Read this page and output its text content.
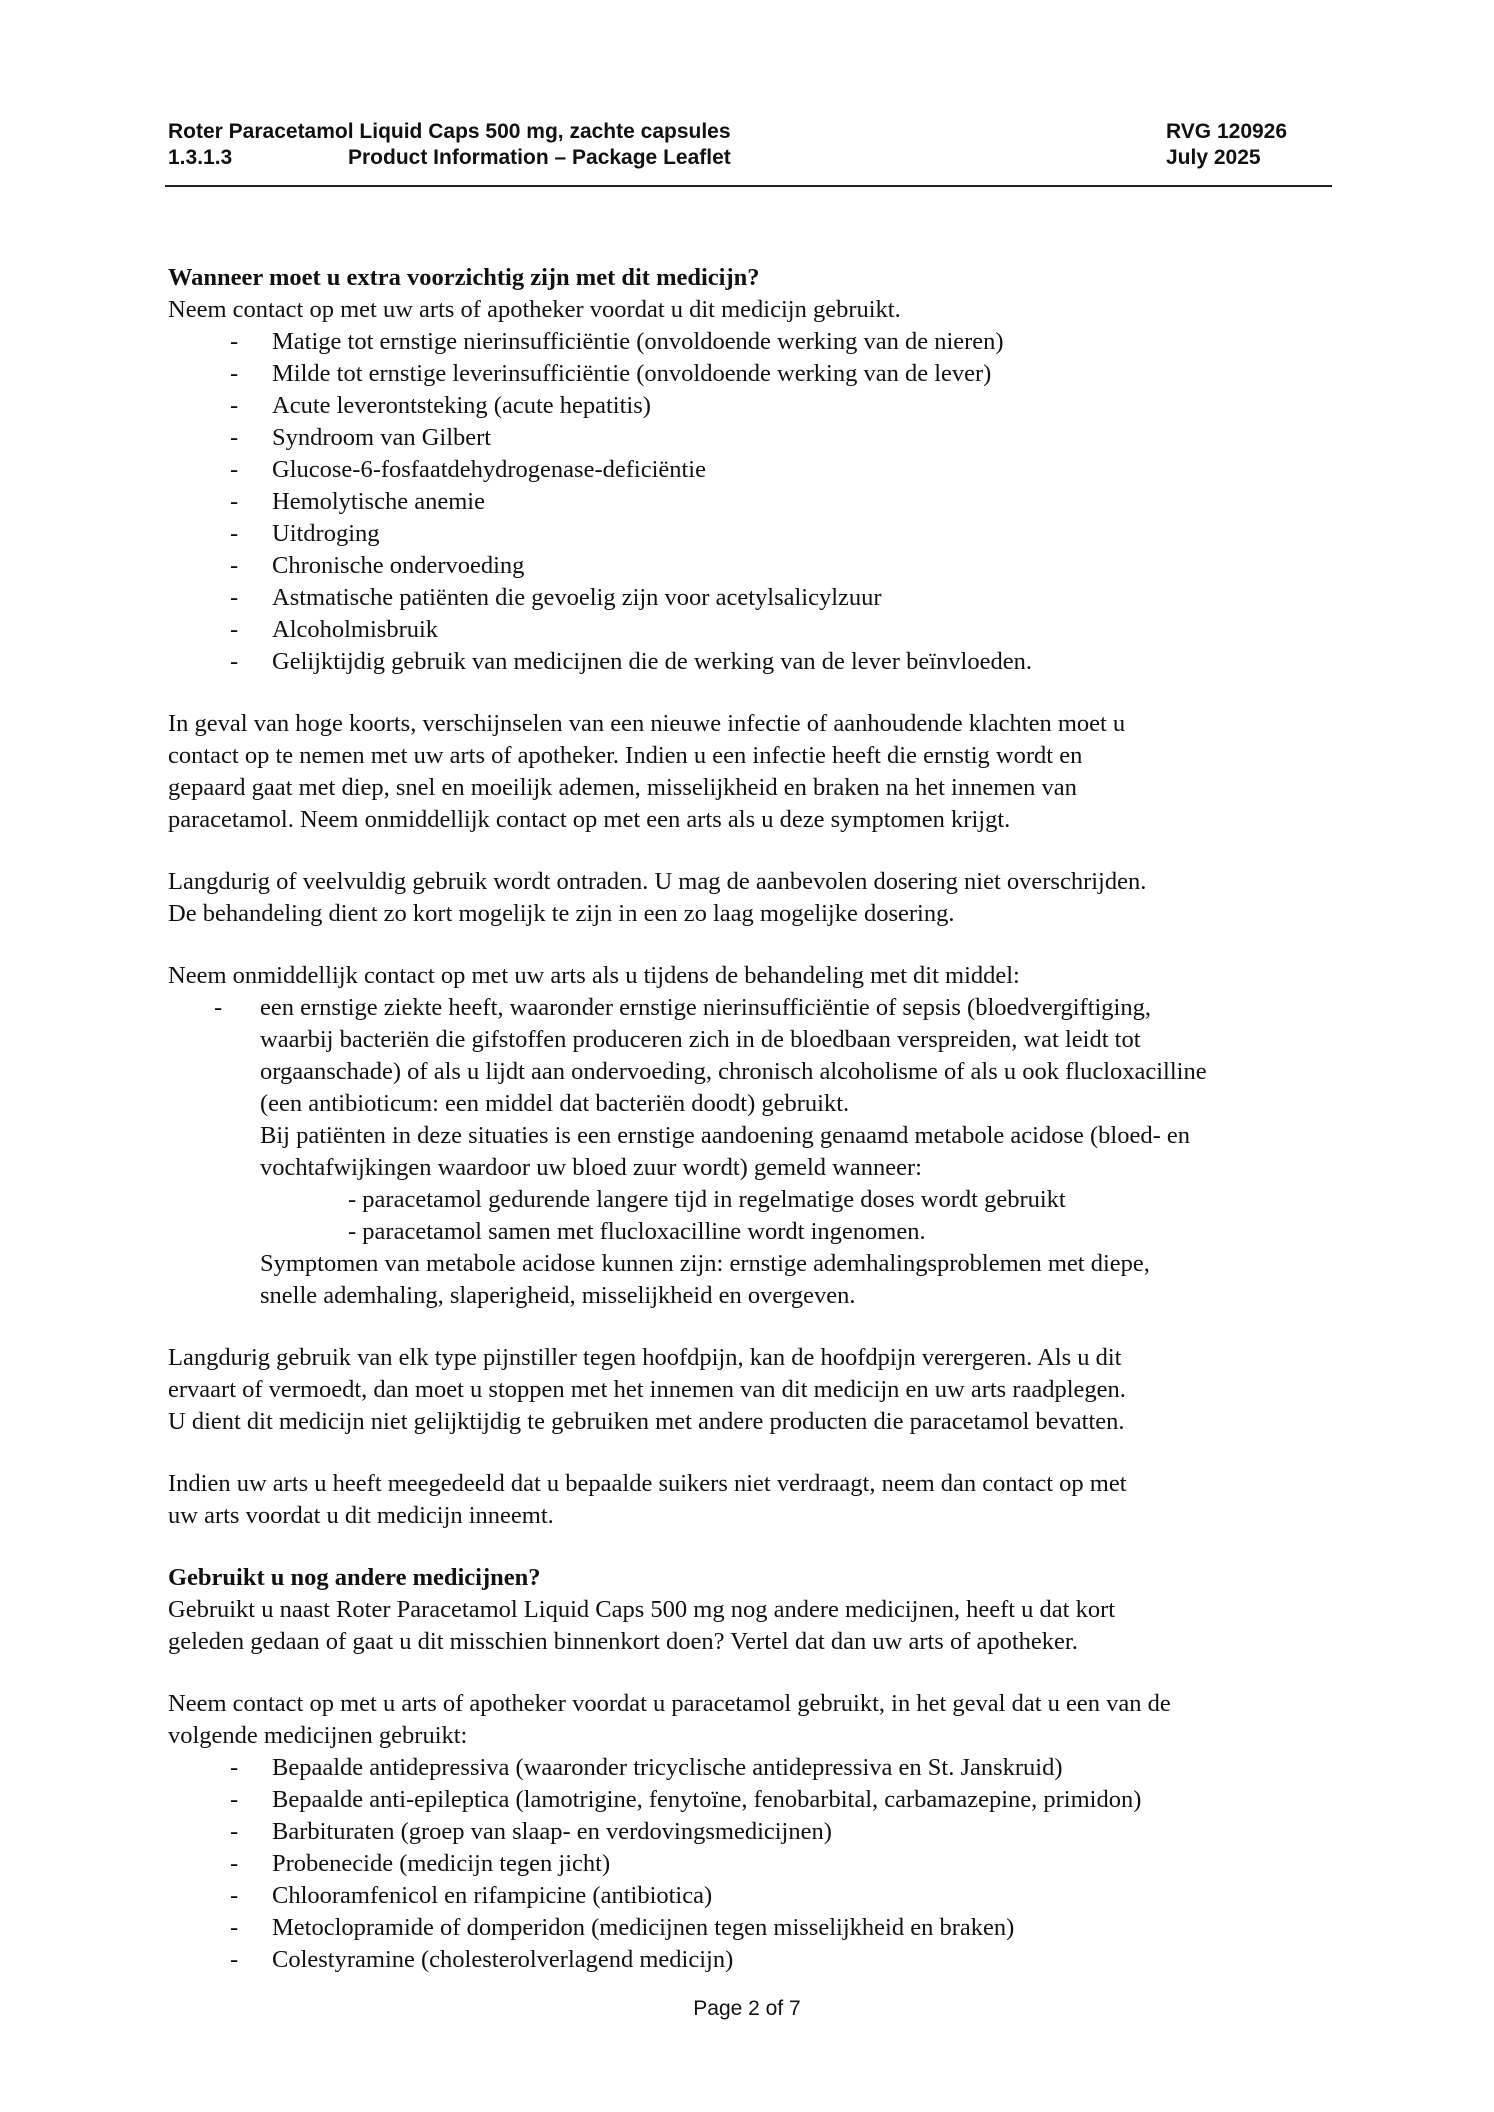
Roter Paracetamol Liquid Caps 500 mg, zachte capsules	RVG 120926
1.3.1.3	Product Information – Package Leaflet	July 2025

Wanneer moet u extra voorzichtig zijn met dit medicijn?

Neem contact op met uw arts of apotheker voordat u dit medicijn gebruikt.

- Matige tot ernstige nierinsufficiëntie (onvoldoende werking van de nieren)
- Milde tot ernstige leverinsufficiëntie (onvoldoende werking van de lever)
- Acute leverontsteking (acute hepatitis)
- Syndroom van Gilbert
- Glucose-6-fosfaatdehydrogenase-deficiëntie
- Hemolytische anemie
- Uitdroging
- Chronische ondervoeding
- Astmatische patiënten die gevoelig zijn voor acetylsalicylzuur
- Alcoholmisbruik
- Gelijktijdig gebruik van medicijnen die de werking van de lever beïnvloeden.

In geval van hoge koorts, verschijnselen van een nieuwe infectie of aanhoudende klachten moet u

contact op te nemen met uw arts of apotheker. Indien u een infectie heeft die ernstig wordt en

gepaard gaat met diep, snel en moeilijk ademen, misselijkheid en braken na het innemen van

paracetamol. Neem onmiddellijk contact op met een arts als u deze symptomen krijgt.

Langdurig of veelvuldig gebruik wordt ontraden. U mag de aanbevolen dosering niet overschrijden.

De behandeling dient zo kort mogelijk te zijn in een zo laag mogelijke dosering.

Neem onmiddellijk contact op met uw arts als u tijdens de behandeling met dit middel:

- een ernstige ziekte heeft, waaronder ernstige nierinsufficiëntie of sepsis (bloedvergiftiging,

waarbij bacteriën die gifstoffen produceren zich in de bloedbaan verspreiden, wat leidt tot

orgaanschade) of als u lijdt aan ondervoeding, chronisch alcoholisme of als u ook flucloxacilline

(een antibioticum: een middel dat bacteriën doodt) gebruikt.

Bij patiënten in deze situaties is een ernstige aandoening genaamd metabole acidose (bloed- en

vochtafwijkingen waardoor uw bloed zuur wordt) gemeld wanneer:

- paracetamol gedurende langere tijd in regelmatige doses wordt gebruikt

- paracetamol samen met flucloxacilline wordt ingenomen.

Symptomen van metabole acidose kunnen zijn: ernstige ademhalingsproblemen met diepe,

snelle ademhaling, slaperigheid, misselijkheid en overgeven.

Langdurig gebruik van elk type pijnstiller tegen hoofdpijn, kan de hoofdpijn verergeren. Als u dit

ervaart of vermoedt, dan moet u stoppen met het innemen van dit medicijn en uw arts raadplegen.

U dient dit medicijn niet gelijktijdig te gebruiken met andere producten die paracetamol bevatten.

Indien uw arts u heeft meegedeeld dat u bepaalde suikers niet verdraagt, neem dan contact op met

uw arts voordat u dit medicijn inneemt.

Gebruikt u nog andere medicijnen?

Gebruikt u naast Roter Paracetamol Liquid Caps 500 mg nog andere medicijnen, heeft u dat kort

geleden gedaan of gaat u dit misschien binnenkort doen? Vertel dat dan uw arts of apotheker.

Neem contact op met u arts of apotheker voordat u paracetamol gebruikt, in het geval dat u een van de

volgende medicijnen gebruikt:

- Bepaalde antidepressiva (waaronder tricyclische antidepressiva en St. Janskruid)
- Bepaalde anti-epileptica (lamotrigine, fenytoïne, fenobarbital, carbamazepine, primidon)
- Barbituraten (groep van slaap- en verdovingsmedicijnen)
- Probenecide (medicijn tegen jicht)
- Chlooramfenicol en rifampicine (antibiotica)
- Metoclopramide of domperidon (medicijnen tegen misselijkheid en braken)
- Colestyramine (cholesterolverlagend medicijn)
Page 2 of 7
